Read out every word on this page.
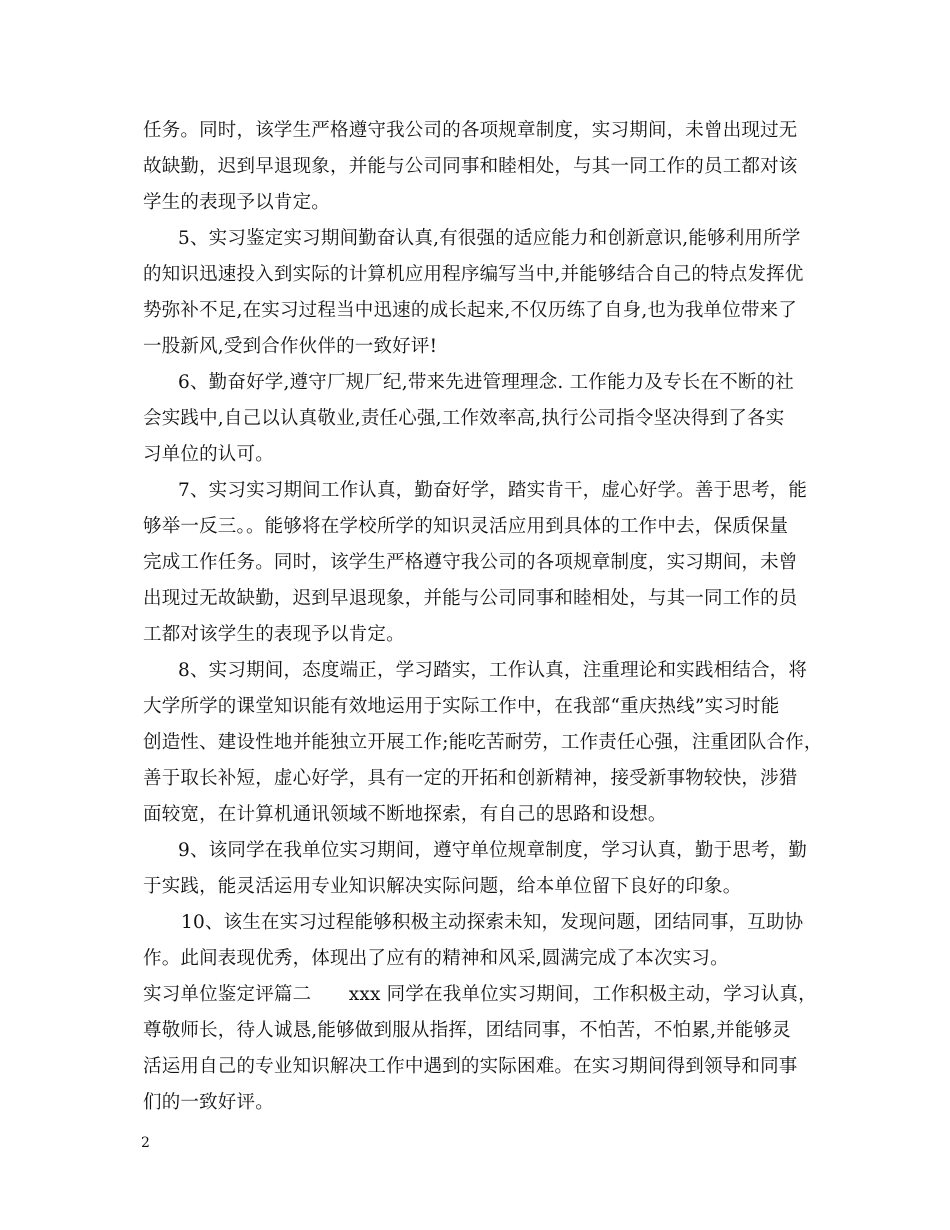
任务。同时，该学生严格遵守我公司的各项规章制度，实习期间，未曾出现过无
故缺勤，迟到早退现象，并能与公司同事和睦相处，与其一同工作的员工都对该
学生的表现予以肯定。
5、实习鉴定实习期间勤奋认真,有很强的适应能力和创新意识,能够利用所学
的知识迅速投入到实际的计算机应用程序编写当中,并能够结合自己的特点发挥优
势弥补不足,在实习过程当中迅速的成长起来,不仅历练了自身,也为我单位带来了
一股新风,受到合作伙伴的一致好评!
6、勤奋好学,遵守厂规厂纪,带来先进管理理念. 工作能力及专长在不断的社
会实践中,自己以认真敬业,责任心强,工作效率高,执行公司指令坚决得到了各实
习单位的认可。
7、实习实习期间工作认真，勤奋好学，踏实肯干，虚心好学。善于思考，能
够举一反三。。能够将在学校所学的知识灵活应用到具体的工作中去，保质保量
完成工作任务。同时，该学生严格遵守我公司的各项规章制度，实习期间，未曾
出现过无故缺勤，迟到早退现象，并能与公司同事和睦相处，与其一同工作的员
工都对该学生的表现予以肯定。
8、实习期间，态度端正，学习踏实，工作认真，注重理论和实践相结合，将
大学所学的课堂知识能有效地运用于实际工作中，在我部“重庆热线”实习时能
创造性、建设性地并能独立开展工作;能吃苦耐劳，工作责任心强，注重团队合作，
善于取长补短，虚心好学，具有一定的开拓和创新精神，接受新事物较快，涉猎
面较宽，在计算机通讯领域不断地探索，有自己的思路和设想。
9、该同学在我单位实习期间，遵守单位规章制度，学习认真，勤于思考，勤
于实践，能灵活运用专业知识解决实际问题，给本单位留下良好的印象。
10、该生在实习过程能够积极主动探索未知，发现问题，团结同事，互助协
作。此间表现优秀，体现出了应有的精神和风采,圆满完成了本次实习。
实习单位鉴定评篇二　　xxx 同学在我单位实习期间，工作积极主动，学习认真，
尊敬师长，待人诚恳,能够做到服从指挥，团结同事，不怕苦，不怕累,并能够灵
活运用自己的专业知识解决工作中遇到的实际困难。在实习期间得到领导和同事
们的一致好评。
2
